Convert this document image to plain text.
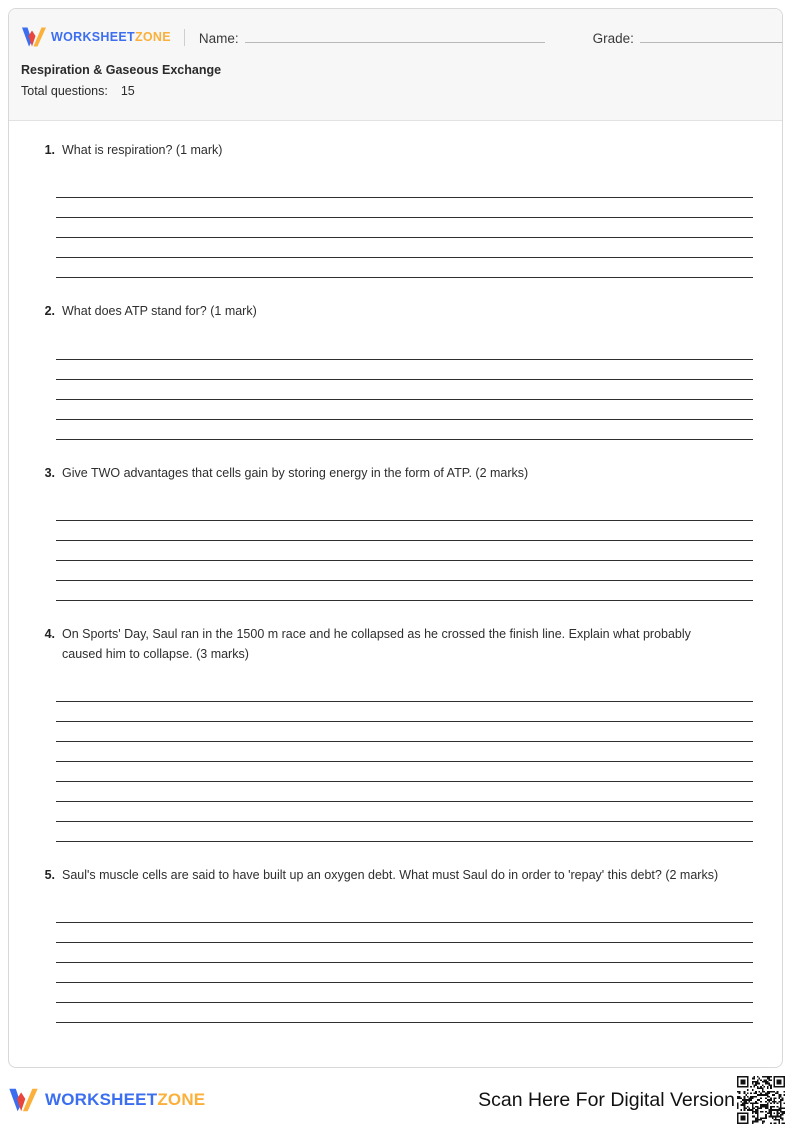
WORKSHEETZONE Name:	Grade:
Respiration & Gaseous Exchange
Total questions: 15
1. What is respiration? (1 mark)
2. What does ATP stand for? (1 mark)
3. Give TWO advantages that cells gain by storing energy in the form of ATP. (2 marks)
4. On Sports' Day, Saul ran in the 1500 m race and he collapsed as he crossed the finish line. Explain what probably caused him to collapse. (3 marks)
5. Saul's muscle cells are said to have built up an oxygen debt. What must Saul do in order to 'repay' this debt? (2 marks)
WORKSHEETZONE	Scan Here For Digital Version
